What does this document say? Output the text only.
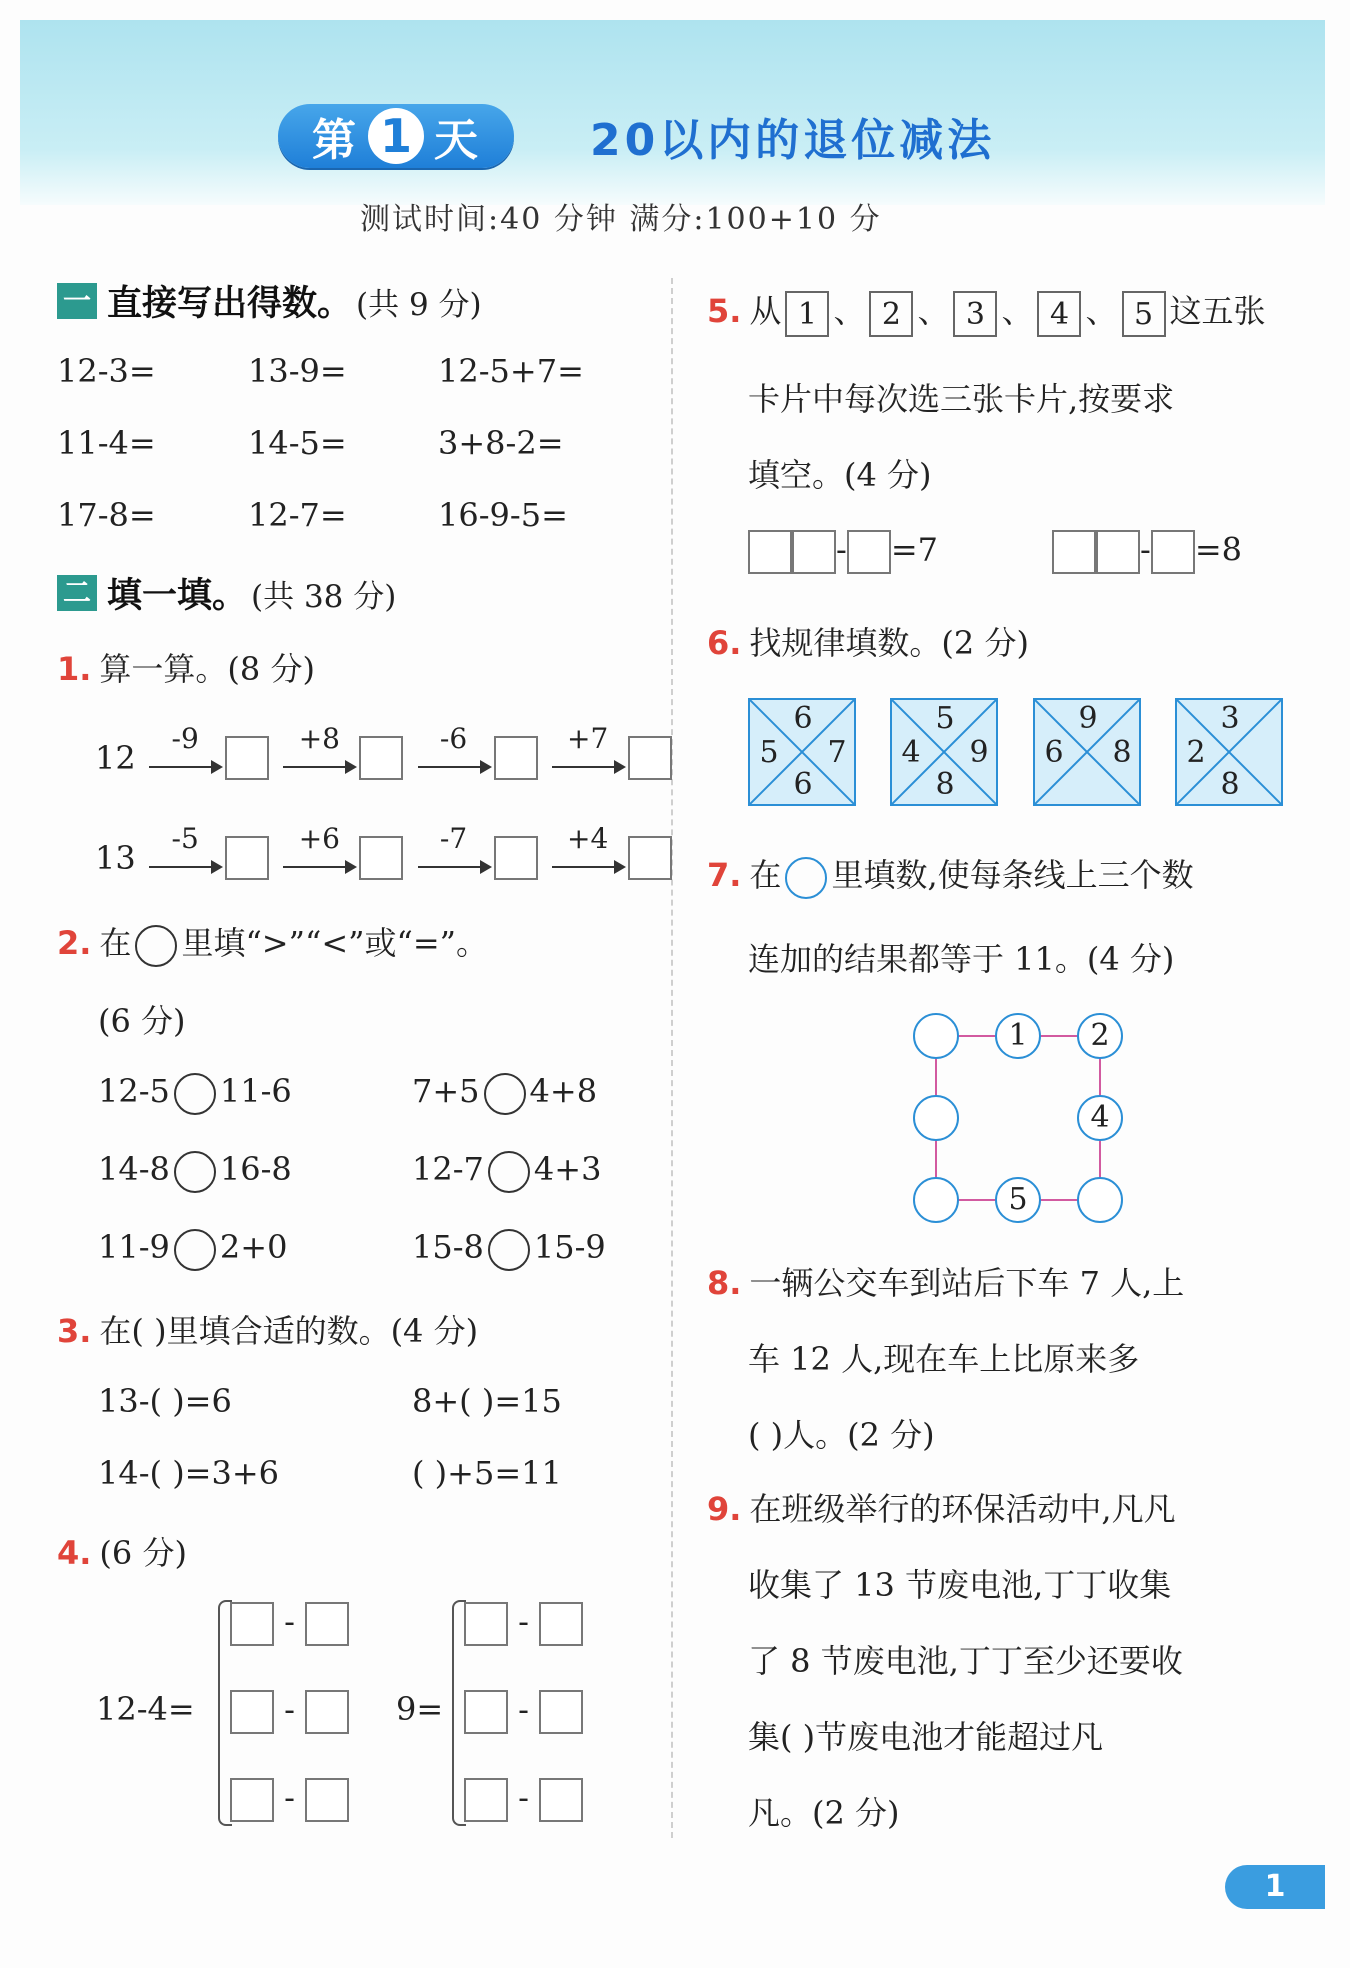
第 1 天	20以内的退位减法
测试时间:40 分钟 满分:100+10 分
一 直接写出得数。 (共 9 分)
12-3=	13-9=	12-5+7=
11-4=	14-5=	3+8-2=
17-8=	12-7=	16-9-5=
二 填一填。 (共 38 分)
1. 算一算。(8 分)
12
-9
	+8
	-6
	+7
13
-5
	+6
	-7
	+4
2. 在 里填“>”“<”或“=”。
(6 分)
12-5 11-6	7+5 4+8
14-8 16-8	12-7 4+3
11-9 2+0	15-8 15-9
3. 在( )里填合适的数。(4 分)
13-( )=6	8+( )=15
14-( )=3+6	( )+5=11
4. (6 分)
12-4=
-
-
-
9=
-
-
-
5. 从 1 、 2 、 3 、 4 、 5 这五张
卡片中每次选三张卡片,按要求
填空。(4 分)
- =7	- =8
6. 找规律填数。(2 分)
6
5 7
6
5
4 9
8
9
6 8
3
2
8
7. 在 里填数,使每条线上三个数
连加的结果都等于 11。(4 分)
1	2
4
5
8. 一辆公交车到站后下车 7 人,上
车 12 人,现在车上比原来多
( )人。(2 分)
9. 在班级举行的环保活动中,凡凡
收集了 13 节废电池,丁丁收集
了 8 节废电池,丁丁至少还要收
集( )节废电池才能超过凡
凡。(2 分)
1
